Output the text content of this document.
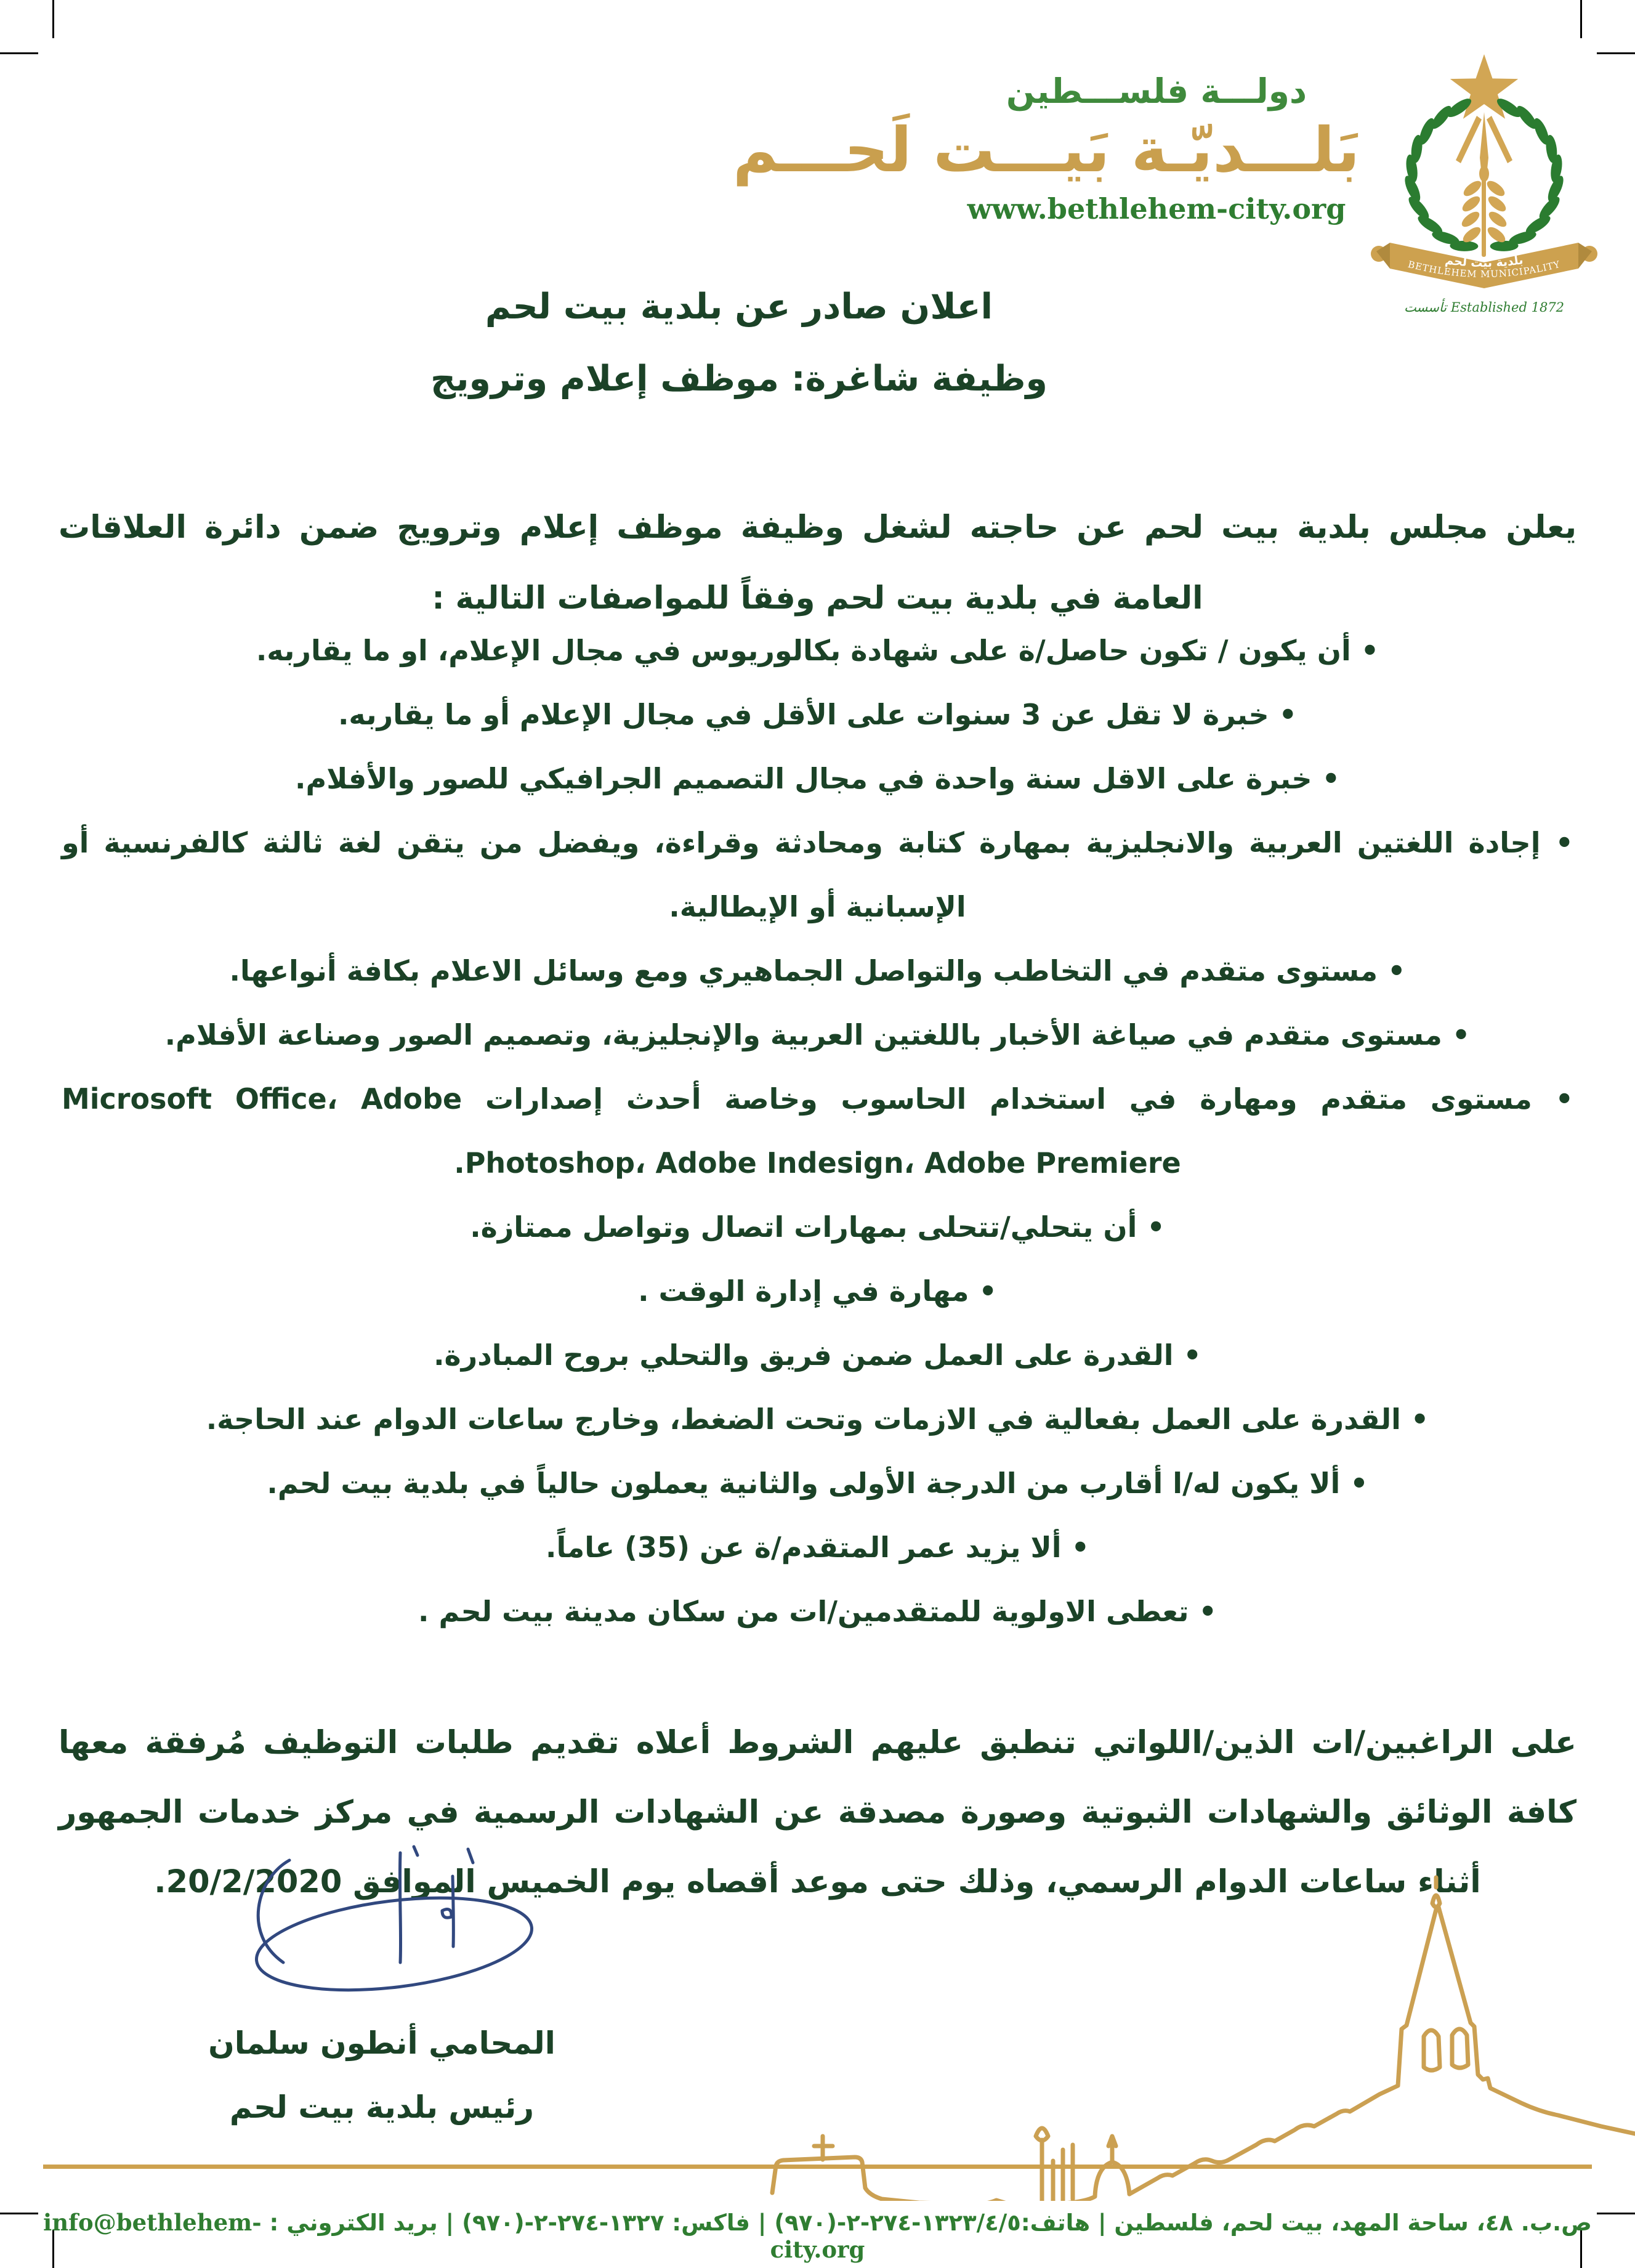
دولـــة فلســـطين
بَلـــديّـة بَيـــت لَحـــم
www.bethlehem-city.org
بلدية بيت لحم
BETHLEHEM MUNICIPALITY
Established 1872 تأسست
اعلان صادر عن بلدية بيت لحم
وظيفة شاغرة: موظف إعلام وترويج

يعلن مجلس بلدية بيت لحم عن حاجته لشغل وظيفة موظف إعلام وترويج ضمن دائرة العلاقات العامة في بلدية بيت لحم وفقاً للمواصفات التالية :

• أن يكون / تكون حاصل/ة على شهادة بكالوريوس في مجال الإعلام، او ما يقاربه.
• خبرة لا تقل عن 3 سنوات على الأقل في مجال الإعلام أو ما يقاربه.
• خبرة على الاقل سنة واحدة في مجال التصميم الجرافيكي للصور والأفلام.
• إجادة اللغتين العربية والانجليزية بمهارة كتابة ومحادثة وقراءة، ويفضل من يتقن لغة ثالثة كالفرنسية أو الإسبانية أو الإيطالية.
• مستوى متقدم في التخاطب والتواصل الجماهيري ومع وسائل الاعلام بكافة أنواعها.
• مستوى متقدم في صياغة الأخبار باللغتين العربية والإنجليزية، وتصميم الصور وصناعة الأفلام.
• مستوى متقدم ومهارة في استخدام الحاسوب وخاصة أحدث إصدارات Microsoft Office، Adobe Photoshop، Adobe Indesign، Adobe Premiere.
• أن يتحلي/تتحلى بمهارات اتصال وتواصل ممتازة.
• مهارة في إدارة الوقت .
• القدرة على العمل ضمن فريق والتحلي بروح المبادرة.
• القدرة على العمل بفعالية في الازمات وتحت الضغط، وخارج ساعات الدوام عند الحاجة.
• ألا يكون له/ا أقارب من الدرجة الأولى والثانية يعملون حالياً في بلدية بيت لحم.
• ألا يزيد عمر المتقدم/ة عن (35) عاماً.
• تعطى الاولوية للمتقدمين/ات من سكان مدينة بيت لحم .

على الراغبين/ات الذين/اللواتي تنطبق عليهم الشروط أعلاه تقديم طلبات التوظيف مُرفقة معها كافة الوثائق والشهادات الثبوتية وصورة مصدقة عن الشهادات الرسمية في مركز خدمات الجمهور أثناء ساعات الدوام الرسمي، وذلك حتى موعد أقصاه يوم الخميس الموافق 20/2/2020.

المحامي أنطون سلمان
رئيس بلدية بيت لحم
ص.ب. ٤٨، ساحة المهد، بيت لحم، فلسطين | هاتف:١٣٢٣/٤/٥-٢٧٤-٢-(٩٧٠) | فاكس: ١٣٢٧-٢٧٤-٢-(٩٧٠) | بريد الكتروني : info@bethlehem-city.org
